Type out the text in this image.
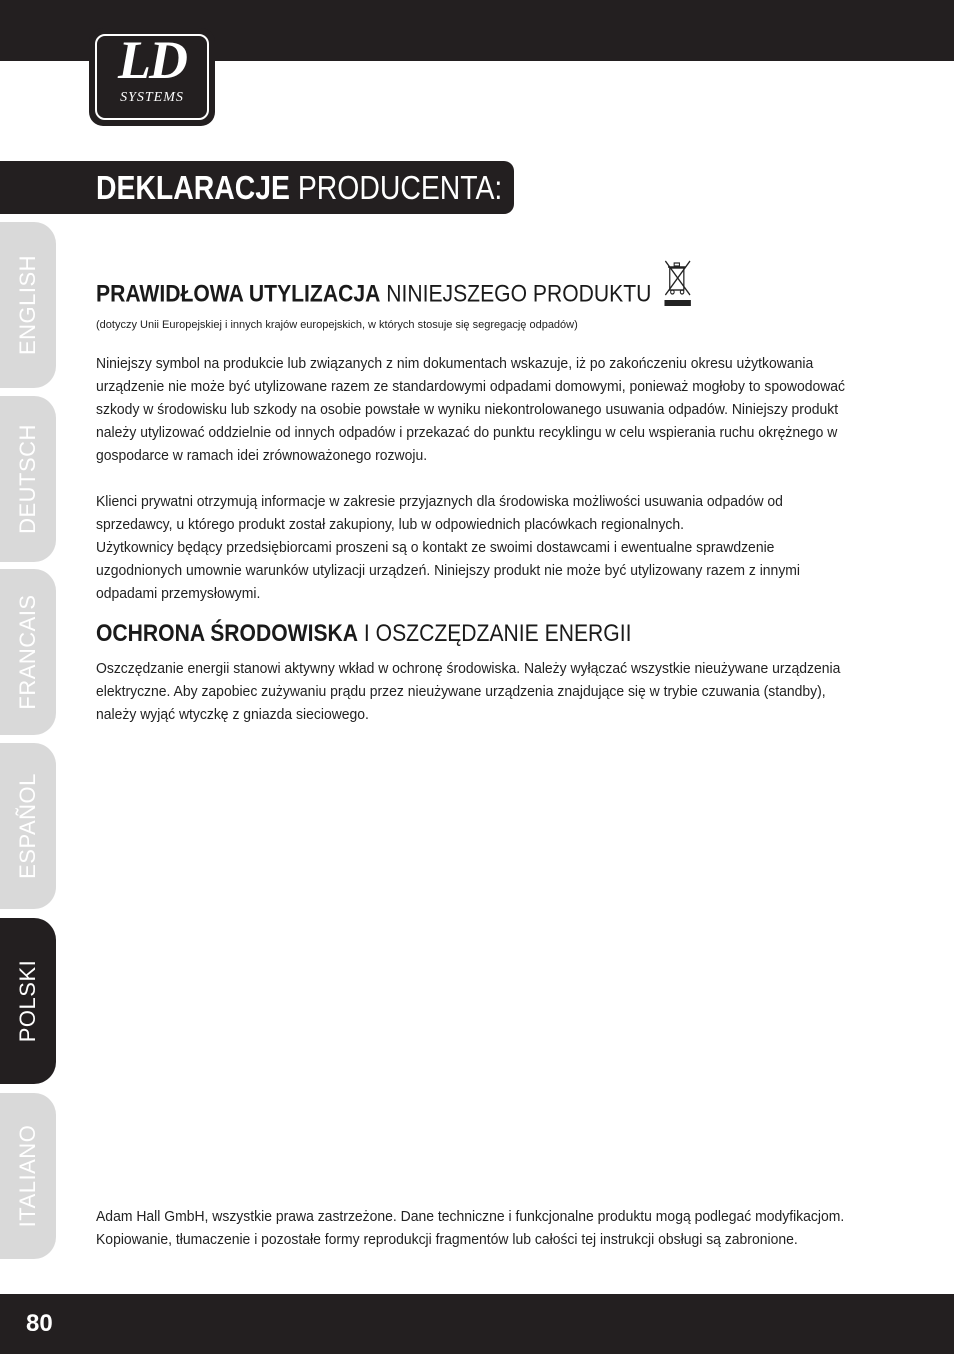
LD
SYSTEMS
DEKLARACJE PRODUCENTA:
ENGLISH
DEUTSCH
FRANCAIS
ESPAÑOL
POLSKI
ITALIANO
PRAWIDŁOWA UTYLIZACJA NINIEJSZEGO PRODUKTU
(dotyczy Unii Europejskiej i innych krajów europejskich, w których stosuje się segregację odpadów)

Niniejszy symbol na produkcie lub związanych z nim dokumentach wskazuje, iż po zakończeniu okresu użytkowania urządzenie nie może być utylizowane razem ze standardowymi odpadami domowymi, ponieważ mogłoby to spowodować szkody w środowisku lub szkody na osobie powstałe w wyniku niekontrolowanego usuwania odpadów. Niniejszy produkt należy utylizować oddzielnie od innych odpadów i przekazać do punktu recyklingu w celu wspierania ruchu okrężnego w gospodarce w ramach idei zrównoważonego rozwoju.

Klienci prywatni otrzymują informacje w zakresie przyjaznych dla środowiska możliwości usuwania odpadów od sprzedawcy, u którego produkt został zakupiony, lub w odpowiednich placówkach regionalnych.

Użytkownicy będący przedsiębiorcami proszeni są o kontakt ze swoimi dostawcami i ewentualne sprawdzenie uzgodnionych umownie warunków utylizacji urządzeń. Niniejszy produkt nie może być utylizowany razem z innymi odpadami przemysłowymi.

OCHRONA ŚRODOWISKA I OSZCZĘDZANIE ENERGII

Oszczędzanie energii stanowi aktywny wkład w ochronę środowiska. Należy wyłączać wszystkie nieużywane urządzenia elektryczne. Aby zapobiec zużywaniu prądu przez nieużywane urządzenia znajdujące się w trybie czuwania (standby), należy wyjąć wtyczkę z gniazda sieciowego.

Adam Hall GmbH, wszystkie prawa zastrzeżone. Dane techniczne i funkcjonalne produktu mogą podlegać modyfikacjom. Kopiowanie, tłumaczenie i pozostałe formy reprodukcji fragmentów lub całości tej instrukcji obsługi są zabronione.
80
